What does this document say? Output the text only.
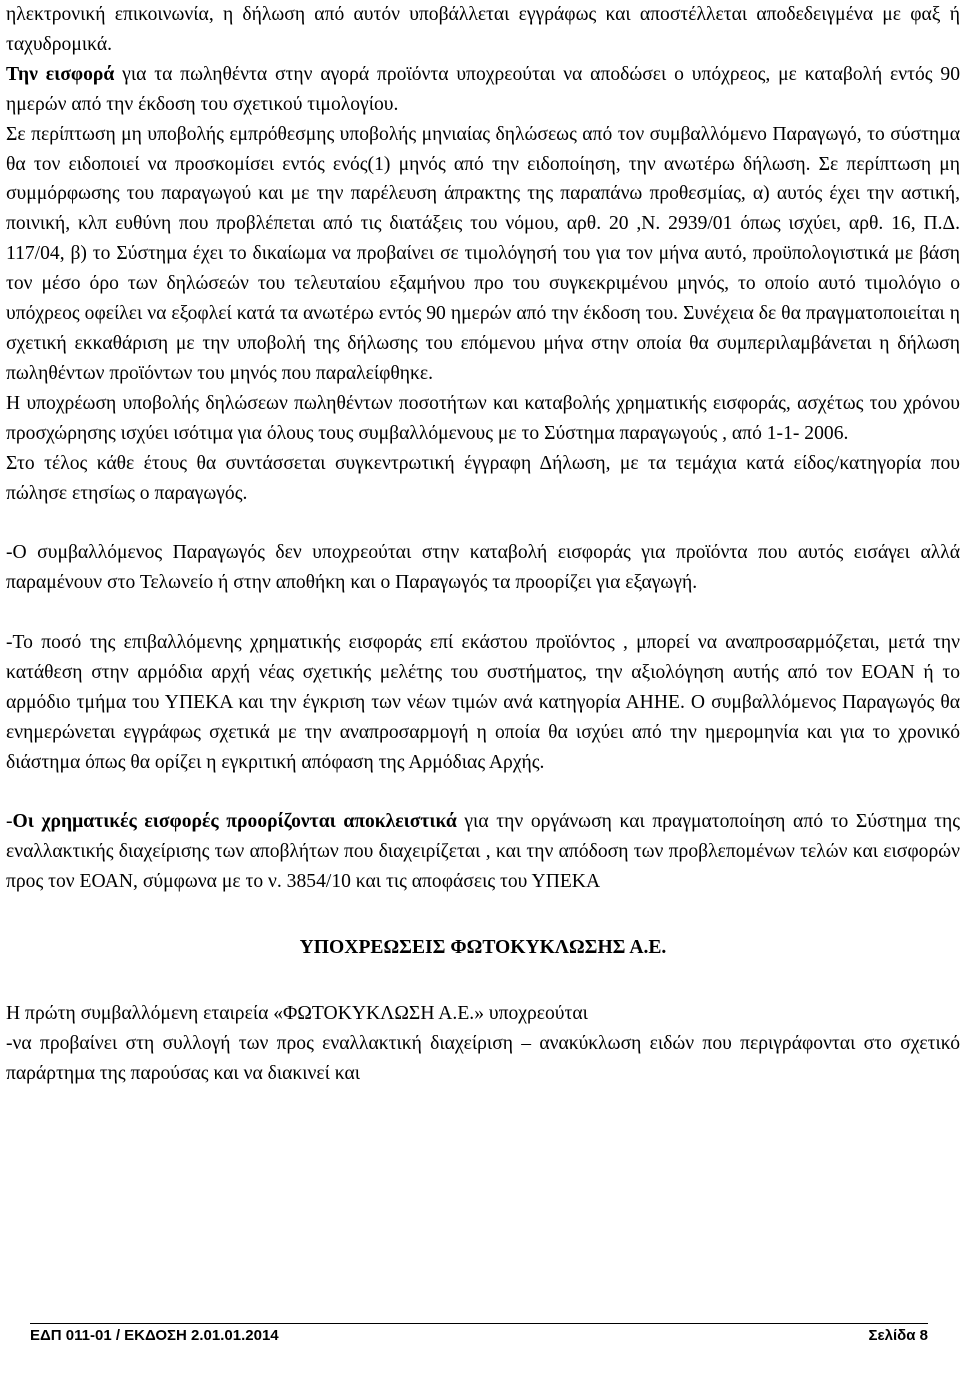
ηλεκτρονική επικοινωνία, η δήλωση από αυτόν υποβάλλεται εγγράφως και αποστέλλεται αποδεδειγμένα με φαξ ή ταχυδρομικά.

Την εισφορά για τα πωληθέντα στην αγορά προϊόντα υποχρεούται να αποδώσει ο υπόχρεος, με καταβολή εντός 90 ημερών από την έκδοση του σχετικού τιμολογίου.

Σε περίπτωση μη υποβολής εμπρόθεσμης υποβολής μηνιαίας δηλώσεως από τον συμβαλλόμενο Παραγωγό, το σύστημα θα τον ειδοποιεί να προσκομίσει εντός ενός(1) μηνός από την ειδοποίηση, την ανωτέρω δήλωση. Σε περίπτωση μη συμμόρφωσης του παραγωγού και με την παρέλευση άπρακτης της παραπάνω προθεσμίας, α) αυτός έχει την αστική, ποινική, κλπ ευθύνη που προβλέπεται από τις διατάξεις του νόμου, αρθ. 20 ,Ν. 2939/01 όπως ισχύει, αρθ. 16, Π.Δ. 117/04, β) το Σύστημα έχει το δικαίωμα να προβαίνει σε τιμολόγησή του για τον μήνα αυτό, προϋπολογιστικά με βάση τον μέσο όρο των δηλώσεών του τελευταίου εξαμήνου προ του συγκεκριμένου μηνός, το οποίο αυτό τιμολόγιο ο υπόχρεος οφείλει να εξοφλεί κατά τα ανωτέρω εντός 90 ημερών από την έκδοση του. Συνέχεια δε θα πραγματοποιείται η σχετική εκκαθάριση με την υποβολή της δήλωσης του επόμενου μήνα στην οποία θα συμπεριλαμβάνεται η δήλωση πωληθέντων προϊόντων του μηνός που παραλείφθηκε.

Η υποχρέωση υποβολής δηλώσεων πωληθέντων ποσοτήτων και καταβολής χρηματικής εισφοράς, ασχέτως του χρόνου προσχώρησης ισχύει ισότιμα για όλους τους συμβαλλόμενους με το Σύστημα παραγωγούς , από 1-1- 2006.

Στο τέλος κάθε έτους θα συντάσσεται συγκεντρωτική έγγραφη Δήλωση, με τα τεμάχια κατά είδος/κατηγορία που πώλησε ετησίως ο παραγωγός.

-Ο συμβαλλόμενος Παραγωγός δεν υποχρεούται στην καταβολή εισφοράς για προϊόντα που αυτός εισάγει αλλά παραμένουν στο Τελωνείο ή στην αποθήκη και ο Παραγωγός τα προορίζει για εξαγωγή.

-Το ποσό της επιβαλλόμενης χρηματικής εισφοράς επί εκάστου προϊόντος , μπορεί να αναπροσαρμόζεται, μετά την κατάθεση στην αρμόδια αρχή νέας σχετικής μελέτης του συστήματος, την αξιολόγηση αυτής από τον ΕΟΑΝ ή το αρμόδιο τμήμα του ΥΠΕΚΑ και την έγκριση των νέων τιμών ανά κατηγορία ΑΗΗΕ. Ο συμβαλλόμενος Παραγωγός θα ενημερώνεται εγγράφως σχετικά με την αναπροσαρμογή η οποία θα ισχύει από την ημερομηνία και για το χρονικό διάστημα όπως θα ορίζει η εγκριτική απόφαση της Αρμόδιας Αρχής.

-Οι χρηματικές εισφορές προορίζονται αποκλειστικά για την οργάνωση και πραγματοποίηση από το Σύστημα της εναλλακτικής διαχείρισης των αποβλήτων που διαχειρίζεται , και την απόδοση των προβλεπομένων τελών και εισφορών προς τον ΕΟΑΝ, σύμφωνα με το ν. 3854/10 και τις αποφάσεις του ΥΠΕΚΑ

ΥΠΟΧΡΕΩΣΕΙΣ ΦΩΤΟΚΥΚΛΩΣΗΣ Α.Ε.

Η πρώτη συμβαλλόμενη εταιρεία «ΦΩΤΟΚΥΚΛΩΣΗ Α.Ε.» υποχρεούται

-να προβαίνει στη συλλογή των προς εναλλακτική διαχείριση – ανακύκλωση ειδών που περιγράφονται στο σχετικό παράρτημα της παρούσας και να διακινεί και

ΕΔΠ 011-01 / ΕΚΔΟΣΗ 2.01.01.2014	Σελίδα 8
